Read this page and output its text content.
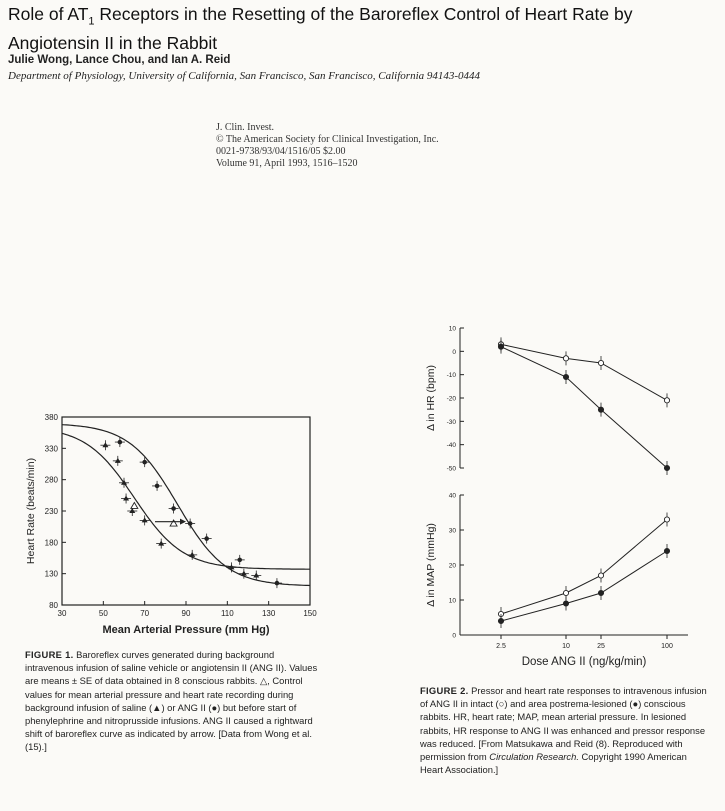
Role of $AT_1$ Receptors in the Resetting of the Baroreflex Control of Heart Rate by
Angiotensin II in the Rabbit
Julie Wong, Lance Chou, and Ian A. Reid
Department of Physiology, University of California, San Francisco, San Francisco, California 94143-0444
J. Clin. Invest.
© The American Society for Clinical Investigation, Inc.
0021-9738/93/04/1516/05 $2.00
Volume 91, April 1993, 1516–1520
30	50	70	90	110	130	150
80
130
180
230
280
330
380
Mean Arterial Pressure (mm Hg)
Heart Rate (beats/min)
FIGURE 1. Baroreflex curves generated during background intravenous infusion of saline vehicle or angiotensin II (ANG II). Values are means ± SE of data obtained in 8 conscious rabbits. △, Control values for mean arterial pressure and heart rate recording during background infusion of saline (▲) or ANG II (●) but before start of phenylephrine and nitroprusside infusions. ANG II caused a rightward shift of baroreflex curve as indicated by arrow. [Data from Wong et al. (15).]
10
0
-10
-20
-30
-40
-50
Δ in HR (bpm)
0
10
20
30
40
Δ in MAP (mmHg)
2.5	10	25	100
Dose ANG II (ng/kg/min)
FIGURE 2. Pressor and heart rate responses to intravenous infusion of ANG II in intact (○) and area postrema-lesioned (●) conscious rabbits. HR, heart rate; MAP, mean arterial pressure. In lesioned rabbits, HR response to ANG II was enhanced and pressor response was reduced. [From Matsukawa and Reid (8). Reproduced with permission from Circulation Research. Copyright 1990 American Heart Association.]
